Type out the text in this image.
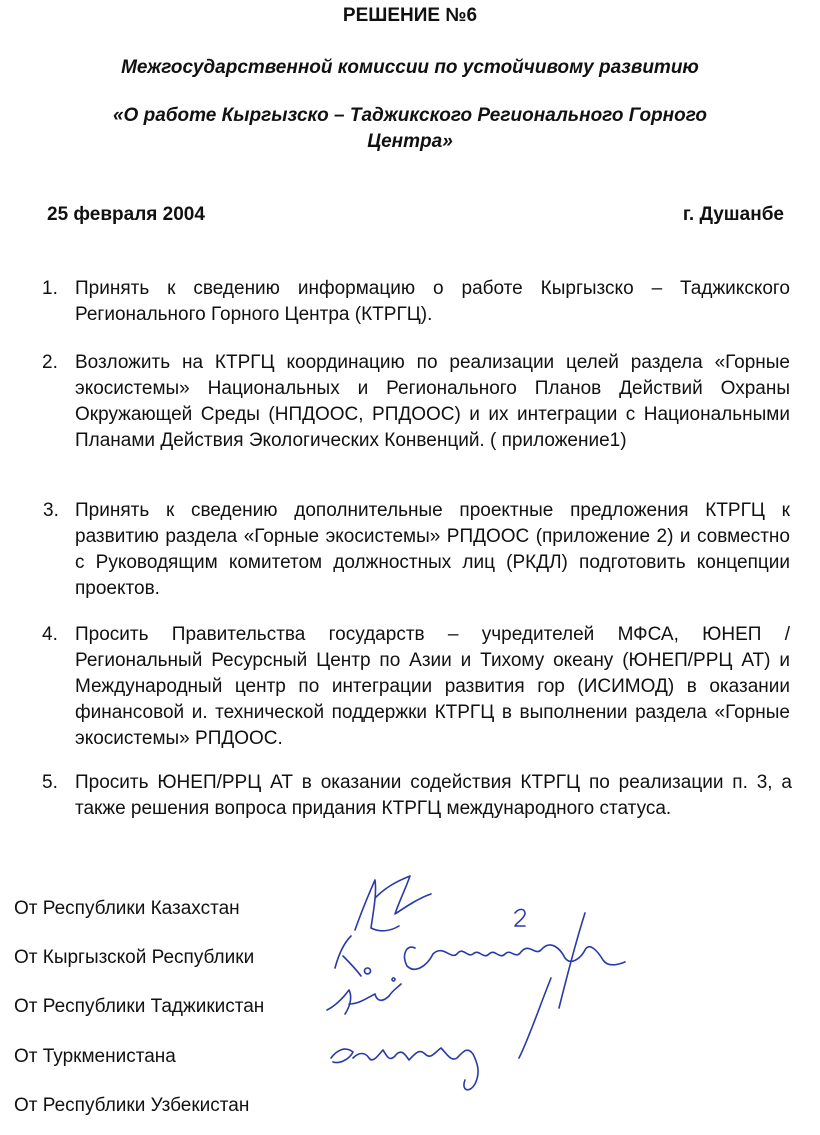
РЕШЕНИЕ №6
Межгосударственной комиссии по устойчивому развитию
«О работе Кыргызско – Таджикского Регионального Горного
Центра»
25 февраля 2004	г. Душанбе
1. Принять к сведению информацию о работе Кыргызско – Таджикского Регионального Горного Центра (КТРГЦ).
2. Возложить на КТРГЦ координацию по реализации целей раздела «Горные экосистемы» Национальных и Регионального Планов Действий Охраны Окружающей Среды (НПДООС, РПДООС) и их интеграции с Национальными Планами Действия Экологических Конвенций. ( приложение1)
3. Принять к сведению дополнительные проектные предложения КТРГЦ к развитию раздела «Горные экосистемы» РПДООС (приложение 2) и совместно с Руководящим комитетом должностных лиц (РКДЛ) подготовить концепции проектов.
4. Просить Правительства государств – учредителей МФСА, ЮНЕП /Региональный Ресурсный Центр по Азии и Тихому океану (ЮНЕП/РРЦ АТ) и Международный центр по интеграции развития гор (ИСИМОД) в оказании финансовой и. технической поддержки КТРГЦ в выполнении раздела «Горные экосистемы» РПДООС.
5. Просить ЮНЕП/РРЦ АТ в оказании содействия КТРГЦ по реализации п. 3, а также решения вопроса придания КТРГЦ международного статуса.
От Республики Казахстан
От Кыргызской Республики
От Республики Таджикистан
От Туркменистана
От Республики Узбекистан
